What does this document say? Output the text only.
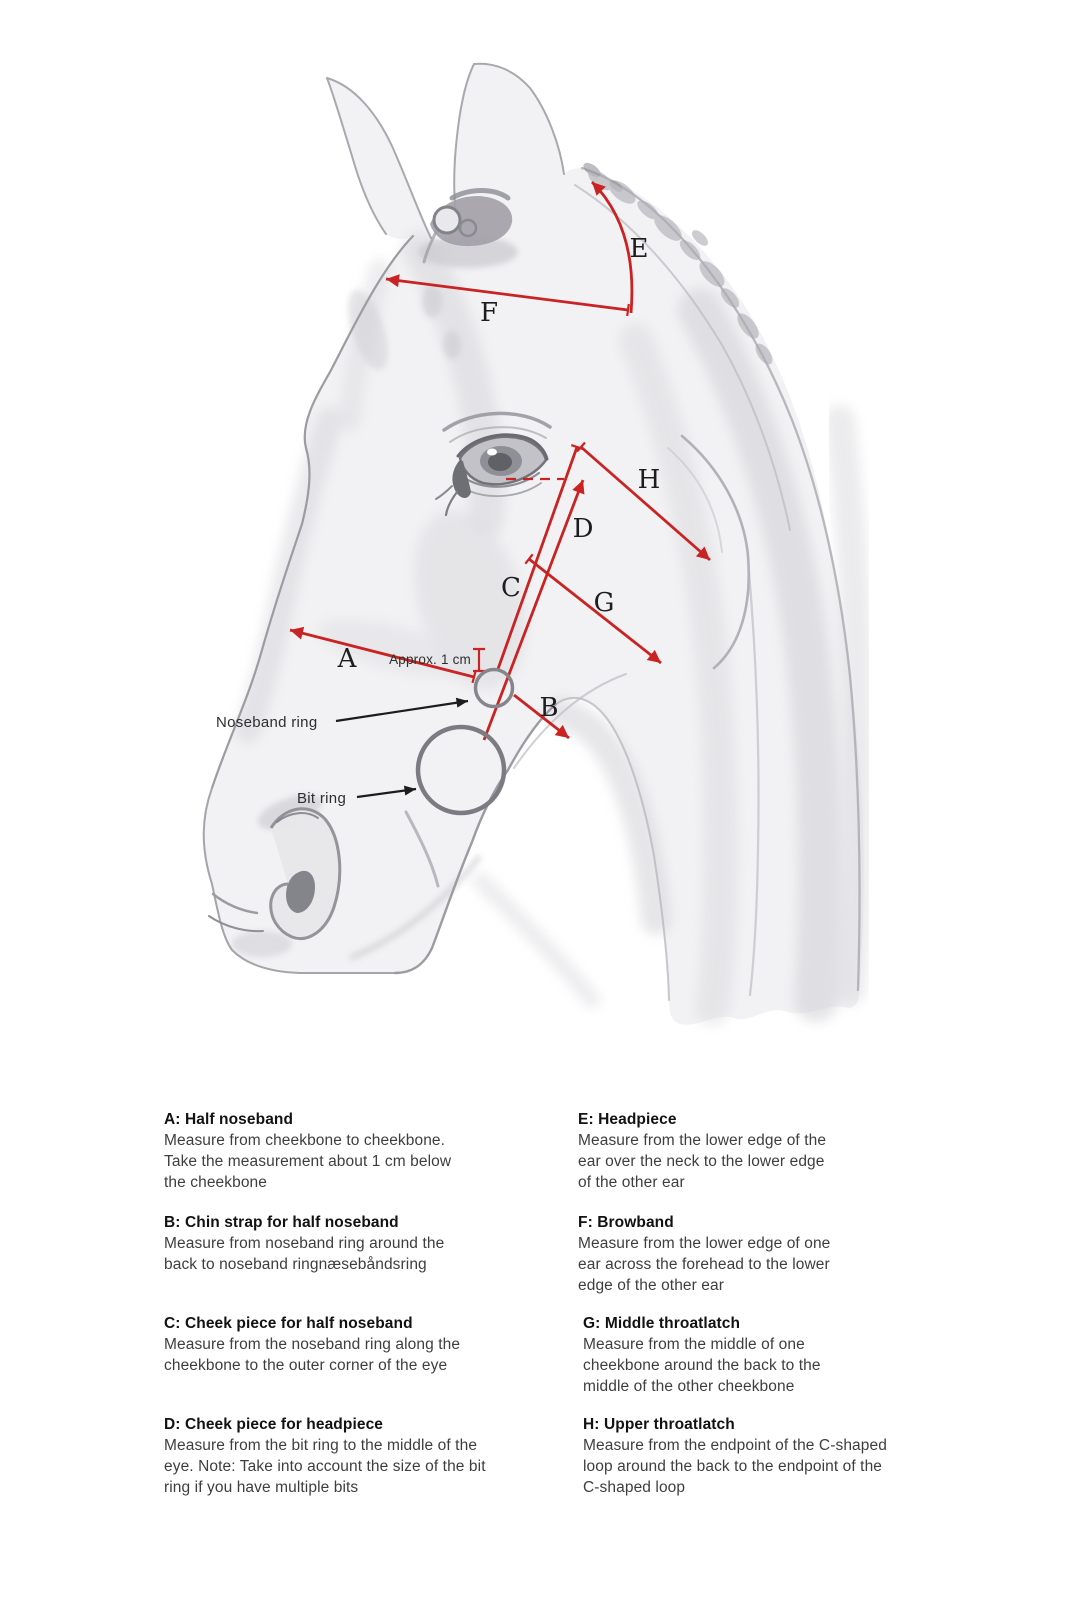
A
B
C
D
E
F
G
H
Approx. 1 cm
Noseband ring
Bit ring
A: Half noseband
Measure from cheekbone to cheekbone.
Take the measurement about 1 cm below
the cheekbone
B: Chin strap for half noseband
Measure from noseband ring around the
back to noseband ringnæsebåndsring
C: Cheek piece for half noseband
Measure from the noseband ring along the
cheekbone to the outer corner of the eye
D: Cheek piece for headpiece
Measure from the bit ring to the middle of the
eye. Note: Take into account the size of the bit
ring if you have multiple bits
E: Headpiece
Measure from the lower edge of the
ear over the neck to the lower edge
of the other ear
F: Browband
Measure from the lower edge of one
ear across the forehead to the lower
edge of the other ear
G: Middle throatlatch
Measure from the middle of one
cheekbone around the back to the
middle of the other cheekbone
H: Upper throatlatch
Measure from the endpoint of the C-shaped
loop around the back to the endpoint of the
C-shaped loop
